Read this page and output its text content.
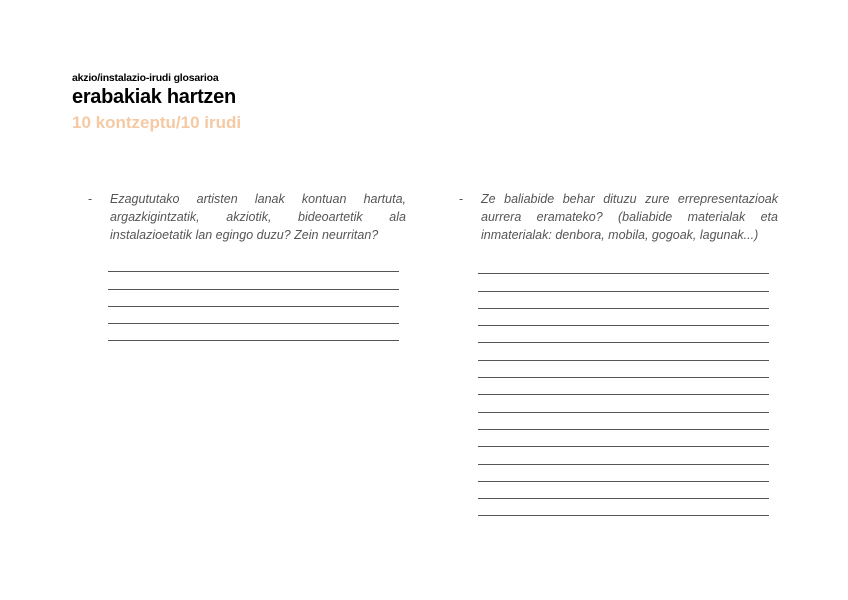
akzio/instalazio-irudi glosarioa
erabakiak hartzen
10 kontzeptu/10 irudi
- Ezagututako artisten lanak kontuan hartuta, argazkigintzatik, akziotik, bideoartetik ala instalazioetatik lan egingo duzu? Zein neurritan?
- Ze baliabide behar dituzu zure errepresentazioak aurrera eramateko? (baliabide materialak eta inmaterialak: denbora, mobila, gogoak, lagunak...)
